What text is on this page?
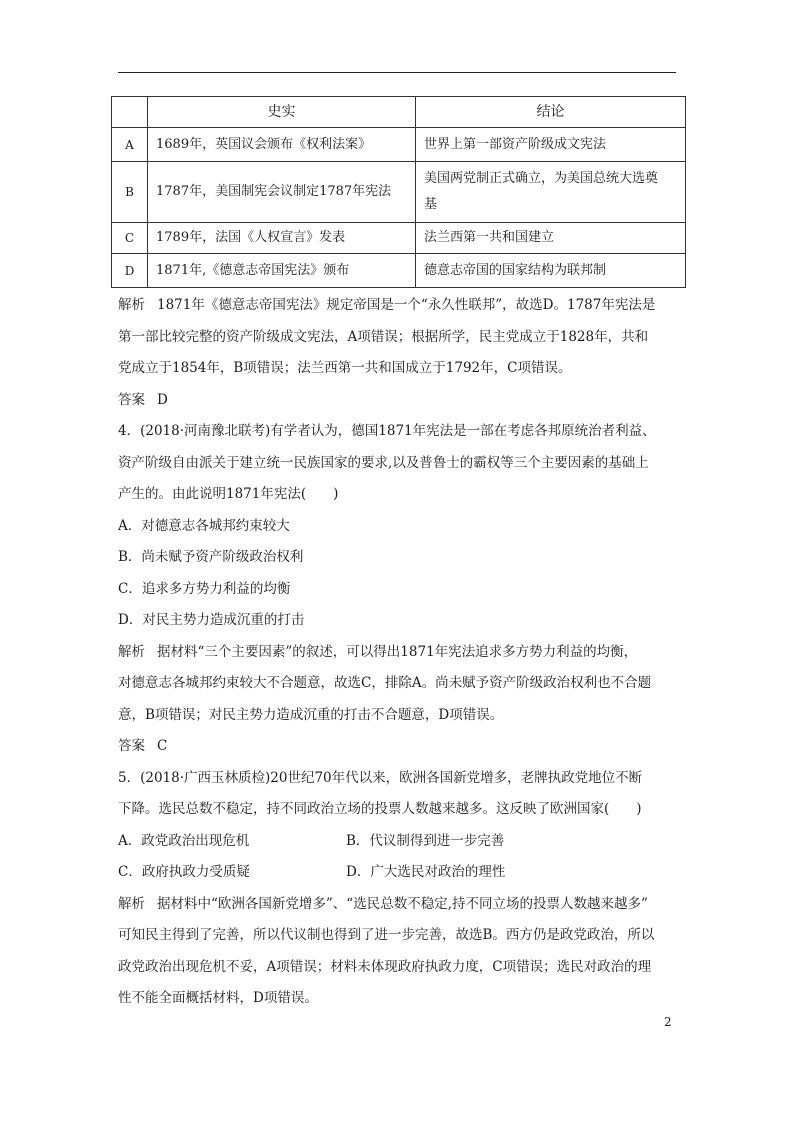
	史实	结论
A	1689年，英国议会颁布《权利法案》	世界上第一部资产阶级成文宪法
B	1787年，美国制宪会议制定1787年宪法	美国两党制正式确立，为美国总统大选奠
基

C	1789年，法国《人权宣言》发表	法兰西第一共和国建立
D	1871年,《德意志帝国宪法》颁布	德意志帝国的国家结构为联邦制

解析 1871年《德意志帝国宪法》规定帝国是一个“永久性联邦”，故选D。1787年宪法是

第一部比较完整的资产阶级成文宪法，A项错误；根据所学，民主党成立于1828年，共和

党成立于1854年，B项错误；法兰西第一共和国成立于1792年，C项错误。

答案 D

4．(2018·河南豫北联考)有学者认为，德国1871年宪法是一部在考虑各邦原统治者利益、

资产阶级自由派关于建立统一民族国家的要求,以及普鲁士的霸权等三个主要因素的基础上

产生的。由此说明1871年宪法(　　)

A．对德意志各城邦约束较大

B．尚未赋予资产阶级政治权利

C．追求多方势力利益的均衡

D．对民主势力造成沉重的打击

解析 据材料“三个主要因素”的叙述，可以得出1871年宪法追求多方势力利益的均衡，

对德意志各城邦约束较大不合题意，故选C，排除A。尚未赋予资产阶级政治权利也不合题

意，B项错误；对民主势力造成沉重的打击不合题意，D项错误。

答案 C

5．(2018·广西玉林质检)20世纪70年代以来，欧洲各国新党增多，老牌执政党地位不断

下降。选民总数不稳定，持不同政治立场的投票人数越来越多。这反映了欧洲国家(　　)

A．政党政治出现危机	B．代议制得到进一步完善

C．政府执政力受质疑	D．广大选民对政治的理性

解析 据材料中“欧洲各国新党增多”、“选民总数不稳定,持不同立场的投票人数越来越多”

可知民主得到了完善，所以代议制也得到了进一步完善，故选B。西方仍是政党政治，所以

政党政治出现危机不妥，A项错误；材料未体现政府执政力度，C项错误；选民对政治的理

性不能全面概括材料，D项错误。

2
